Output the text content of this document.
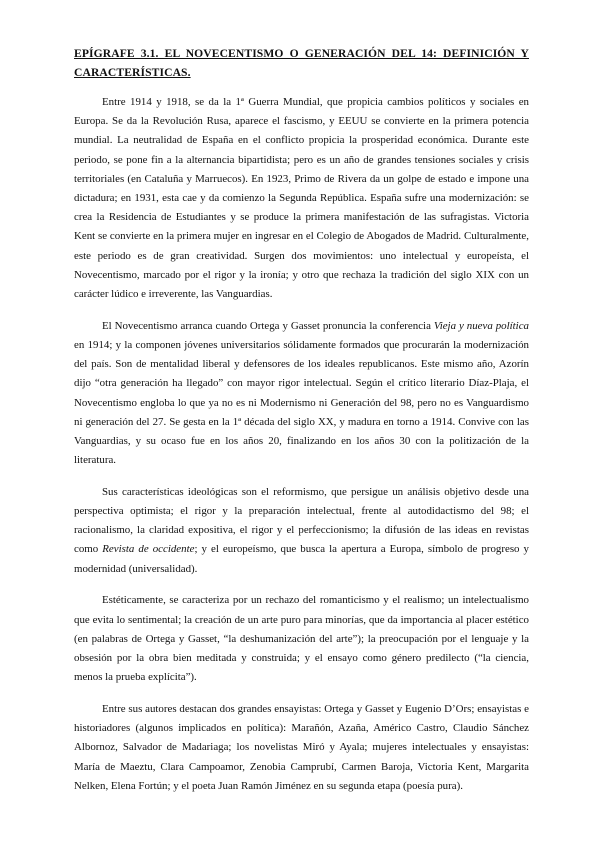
EPÍGRAFE 3.1. EL NOVECENTISMO O GENERACIÓN DEL 14: DEFINICIÓN Y CARACTERÍSTICAS.

Entre 1914 y 1918, se da la 1ª Guerra Mundial, que propicia cambios políticos y sociales en Europa. Se da la Revolución Rusa, aparece el fascismo, y EEUU se convierte en la primera potencia mundial. La neutralidad de España en el conflicto propicia la prosperidad económica. Durante este periodo, se pone fin a la alternancia bipartidista; pero es un año de grandes tensiones sociales y crisis territoriales (en Cataluña y Marruecos). En 1923, Primo de Rivera da un golpe de estado e impone una dictadura; en 1931, esta cae y da comienzo la Segunda República. España sufre una modernización: se crea la Residencia de Estudiantes y se produce la primera manifestación de las sufragistas. Victoria Kent se convierte en la primera mujer en ingresar en el Colegio de Abogados de Madrid. Culturalmente, este periodo es de gran creatividad. Surgen dos movimientos: uno intelectual y europeísta, el Novecentismo, marcado por el rigor y la ironía; y otro que rechaza la tradición del siglo XIX con un carácter lúdico e irreverente, las Vanguardias.

El Novecentismo arranca cuando Ortega y Gasset pronuncia la conferencia Vieja y nueva política en 1914; y la componen jóvenes universitarios sólidamente formados que procurarán la modernización del país. Son de mentalidad liberal y defensores de los ideales republicanos. Este mismo año, Azorín dijo “otra generación ha llegado” con mayor rigor intelectual. Según el crítico literario Díaz-Plaja, el Novecentismo engloba lo que ya no es ni Modernismo ni Generación del 98, pero no es Vanguardismo ni generación del 27. Se gesta en la 1ª década del siglo XX, y madura en torno a 1914. Convive con las Vanguardias, y su ocaso fue en los años 20, finalizando en los años 30 con la politización de la literatura.

Sus características ideológicas son el reformismo, que persigue un análisis objetivo desde una perspectiva optimista; el rigor y la preparación intelectual, frente al autodidactismo del 98; el racionalismo, la claridad expositiva, el rigor y el perfeccionismo; la difusión de las ideas en revistas como Revista de occidente; y el europeísmo, que busca la apertura a Europa, símbolo de progreso y modernidad (universalidad).

Estéticamente, se caracteriza por un rechazo del romanticismo y el realismo; un intelectualismo que evita lo sentimental; la creación de un arte puro para minorías, que da importancia al placer estético (en palabras de Ortega y Gasset, “la deshumanización del arte”); la preocupación por el lenguaje y la obsesión por la obra bien meditada y construida; y el ensayo como género predilecto (“la ciencia, menos la prueba explícita”).

Entre sus autores destacan dos grandes ensayistas: Ortega y Gasset y Eugenio D’Ors; ensayistas e historiadores (algunos implicados en política): Marañón, Azaña, Américo Castro, Claudio Sánchez Albornoz, Salvador de Madariaga; los novelistas Miró y Ayala; mujeres intelectuales y ensayistas: María de Maeztu, Clara Campoamor, Zenobia Camprubí, Carmen Baroja, Victoria Kent, Margarita Nelken, Elena Fortún; y el poeta Juan Ramón Jiménez en su segunda etapa (poesía pura).
